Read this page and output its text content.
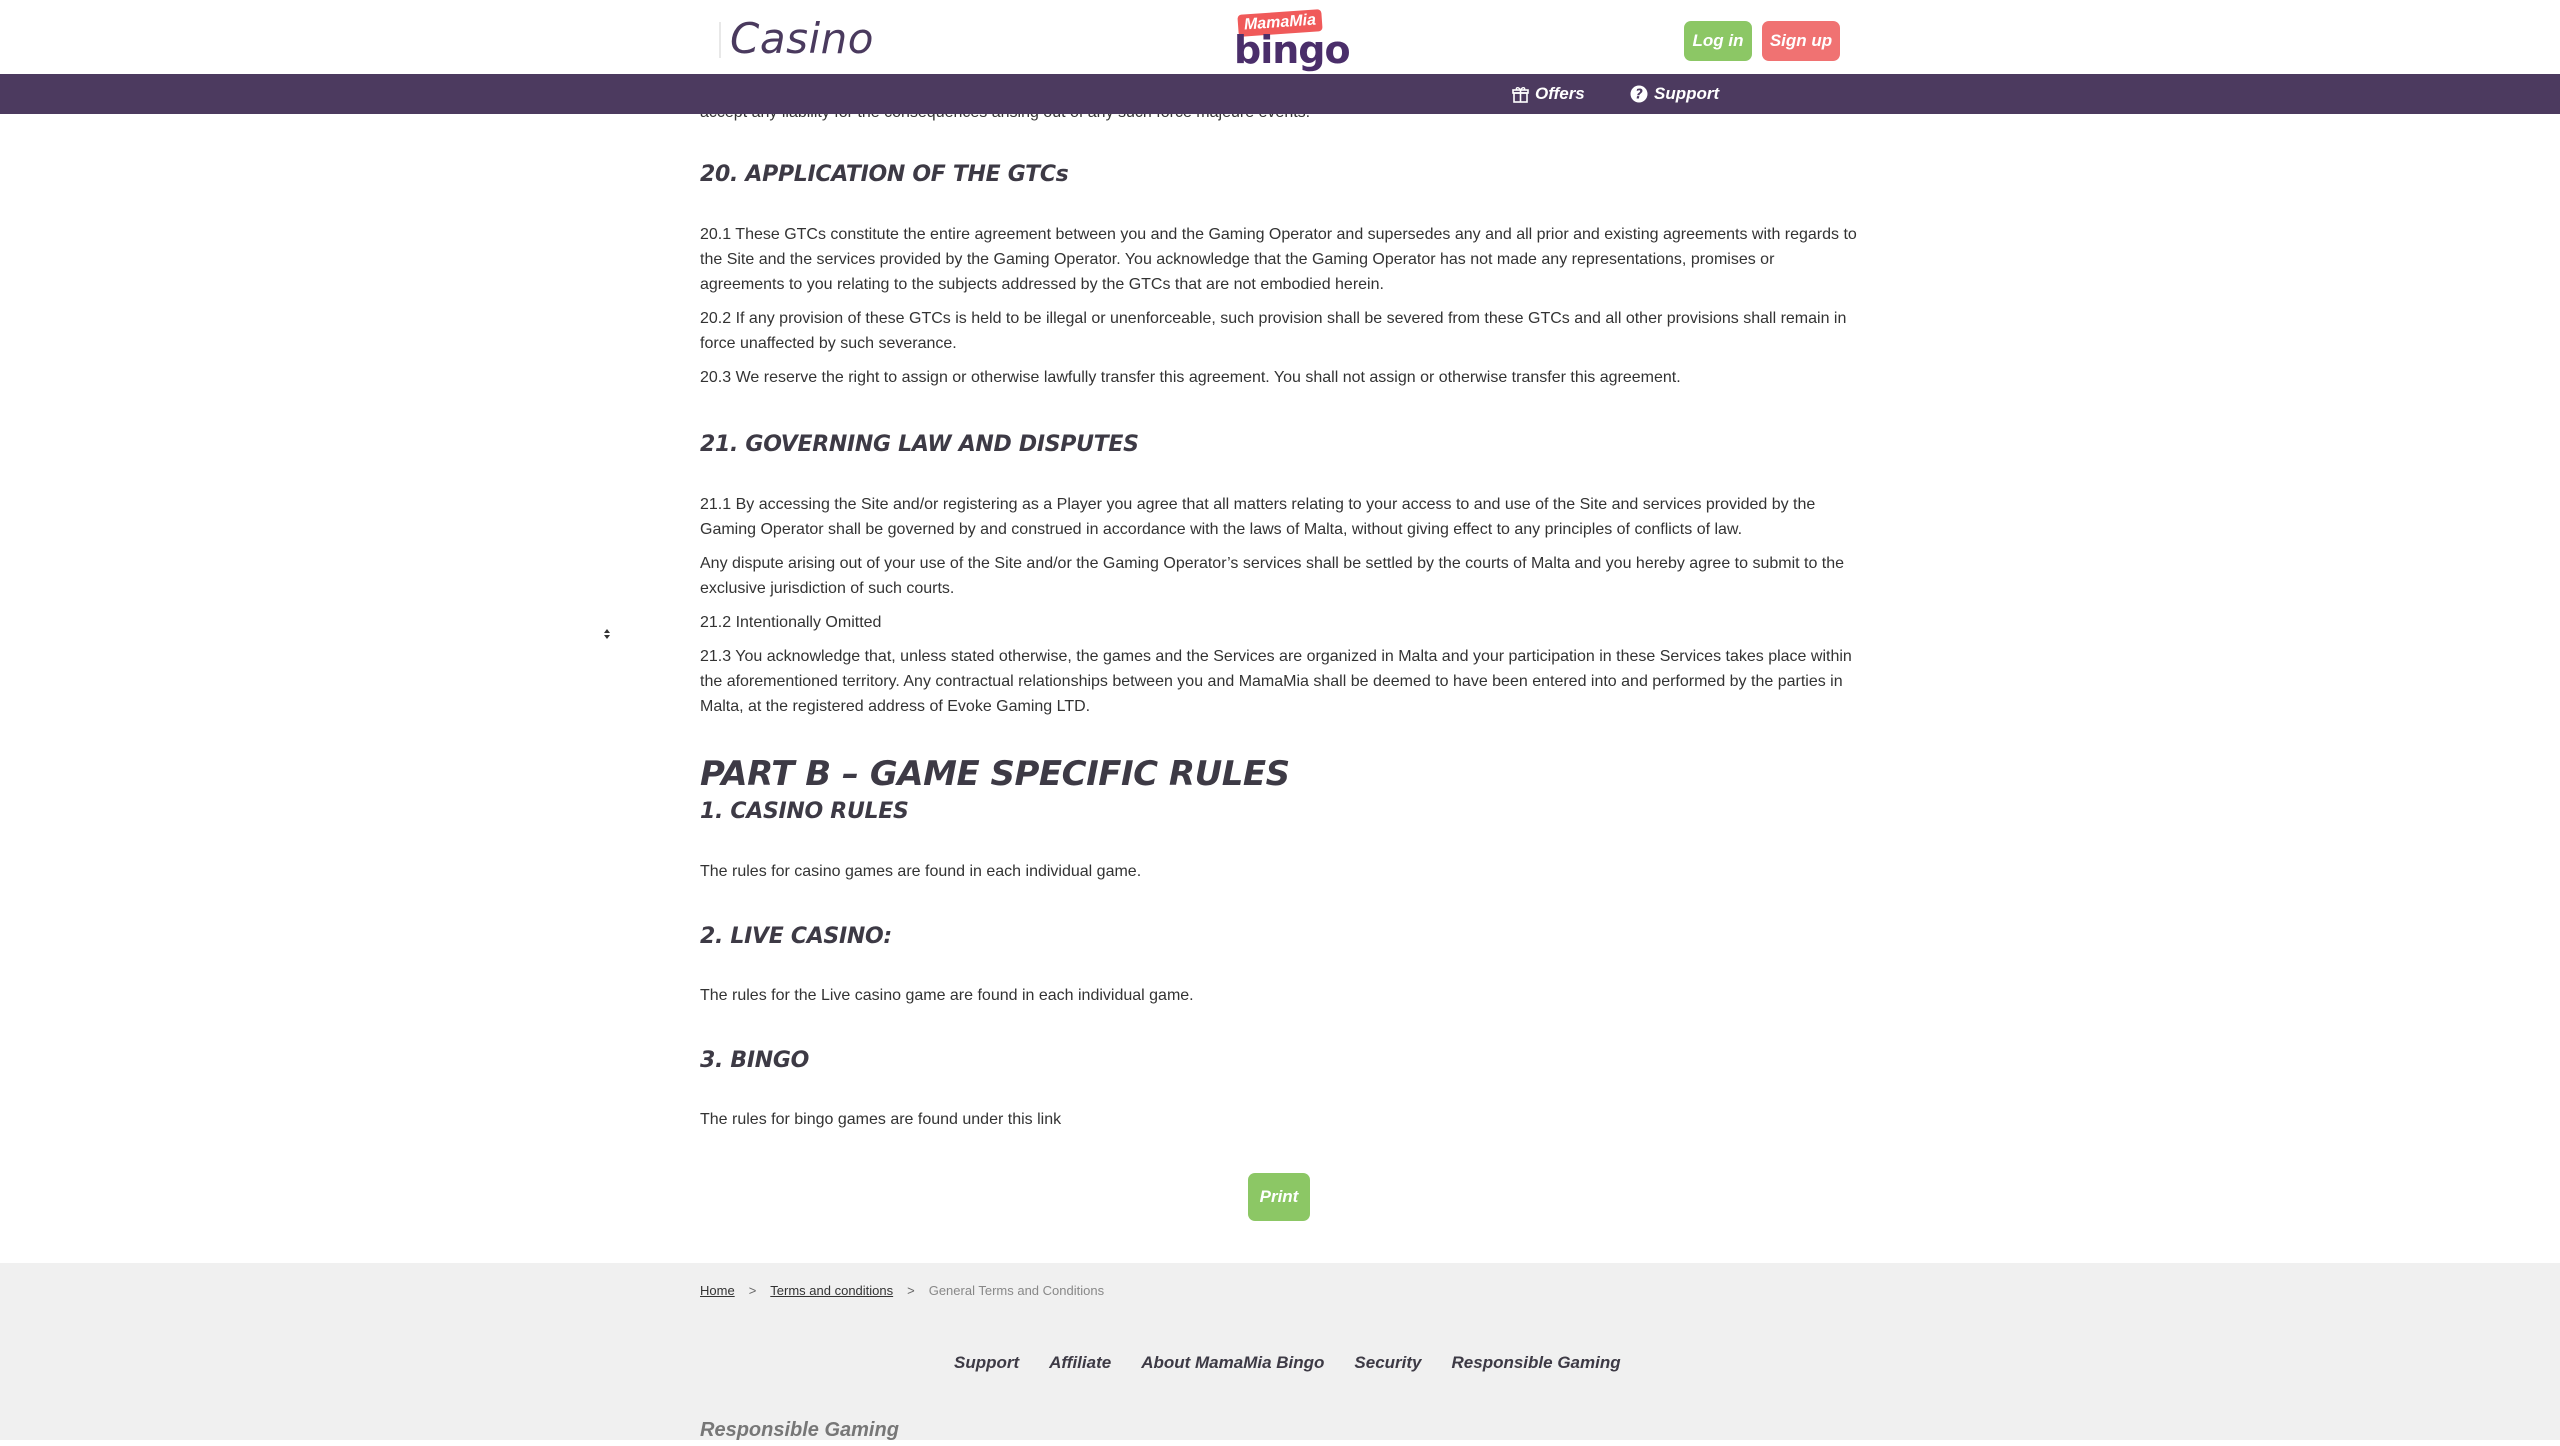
Casino	MamaMia
bingo	Log in	Sign up
Offers	? Support
20. APPLICATION OF THE GTCs

20.1 These GTCs constitute the entire agreement between you and the Gaming Operator and supersedes any and all prior and existing agreements with regards to the Site and the services provided by the Gaming Operator. You acknowledge that the Gaming Operator has not made any representations, promises or agreements to you relating to the subjects addressed by the GTCs that are not embodied herein.

20.2 If any provision of these GTCs is held to be illegal or unenforceable, such provision shall be severed from these GTCs and all other provisions shall remain in force unaffected by such severance.

20.3 We reserve the right to assign or otherwise lawfully transfer this agreement. You shall not assign or otherwise transfer this agreement.

21. GOVERNING LAW AND DISPUTES

21.1 By accessing the Site and/or registering as a Player you agree that all matters relating to your access to and use of the Site and services provided by the Gaming Operator shall be governed by and construed in accordance with the laws of Malta, without giving effect to any principles of conflicts of law.

Any dispute arising out of your use of the Site and/or the Gaming Operator’s services shall be settled by the courts of Malta and you hereby agree to submit to the exclusive jurisdiction of such courts.

21.2 Intentionally Omitted

21.3 You acknowledge that, unless stated otherwise, the games and the Services are organized in Malta and your participation in these Services takes place within the aforementioned territory. Any contractual relationships between you and MamaMia shall be deemed to have been entered into and performed by the parties in Malta, at the registered address of Evoke Gaming LTD.

PART B – GAME SPECIFIC RULES
1. CASINO RULES

The rules for casino games are found in each individual game.

2. LIVE CASINO:

The rules for the Live casino game are found in each individual game.

3. BINGO

The rules for bingo games are found under this link

Print
Home > Terms and conditions > General Terms and Conditions
Support Affiliate About MamaMia Bingo Security Responsible Gaming
Responsible Gaming
